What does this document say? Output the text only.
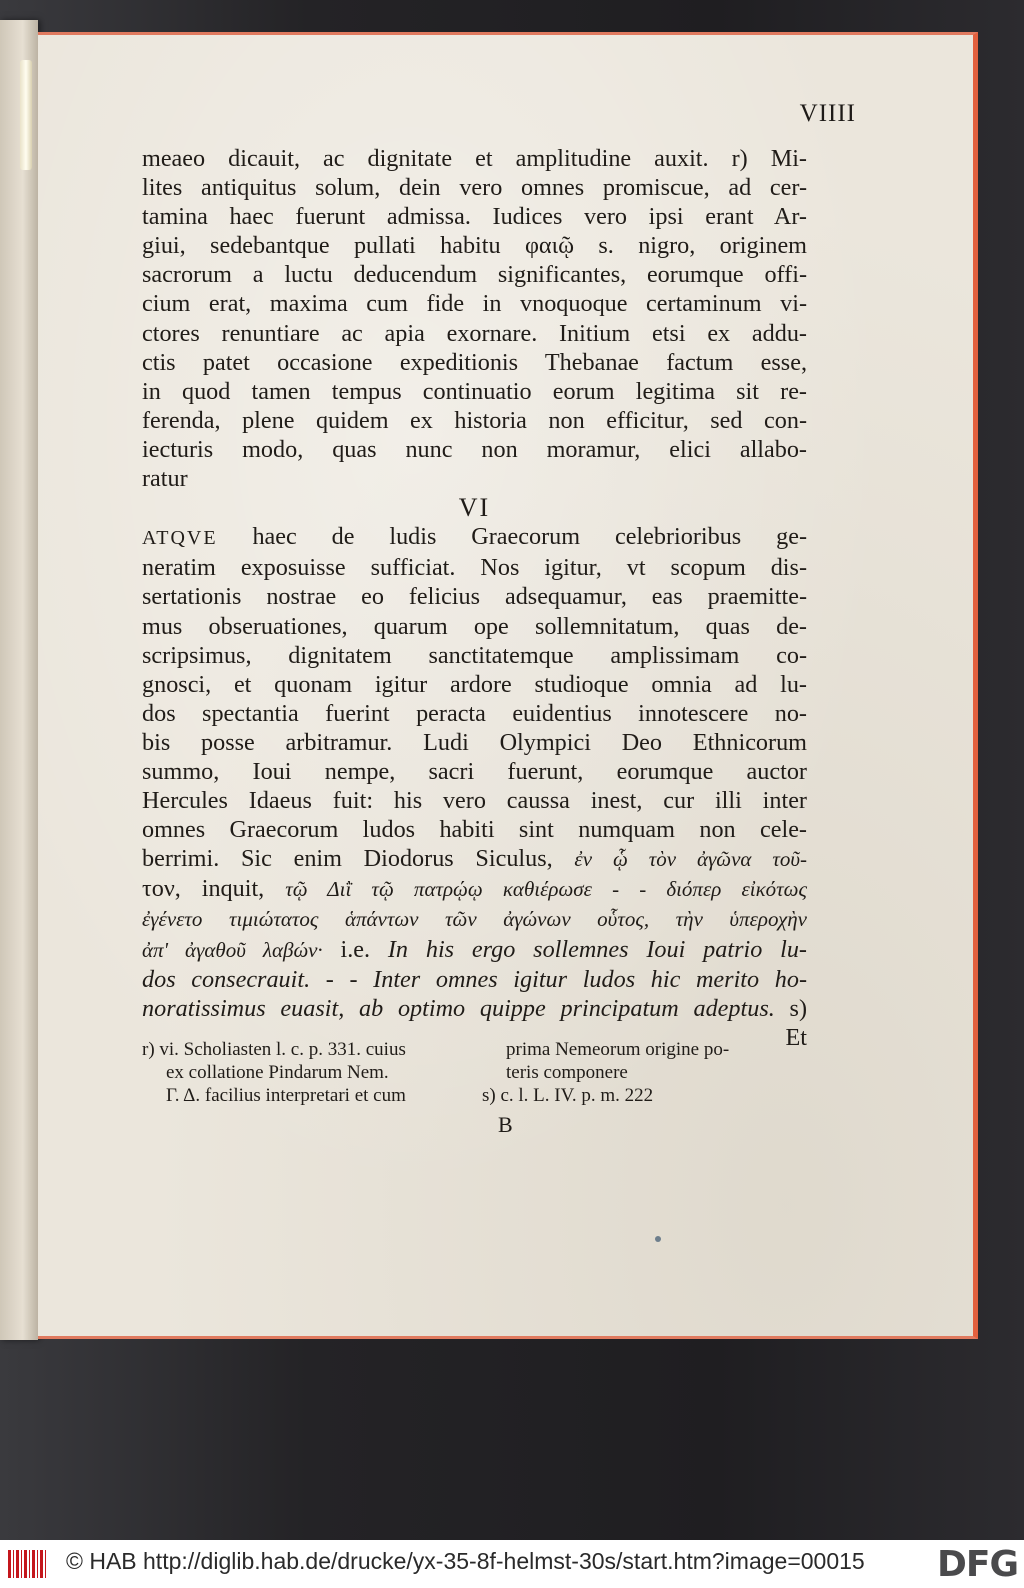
VIIII
meaeo dicauit, ac dignitate et amplitudine auxit. r) Mi-
lites antiquitus solum, dein vero omnes promiscue, ad cer-
tamina haec fuerunt admissa. Iudices vero ipsi erant Ar-
giui, sedebantque pullati habitu φαιῷ s. nigro, originem
sacrorum a luctu deducendum significantes, eorumque offi-
cium erat, maxima cum fide in vnoquoque certaminum vi-
ctores renuntiare ac apia exornare. Initium etsi ex addu-
ctis patet occasione expeditionis Thebanae factum esse,
in quod tamen tempus continuatio eorum legitima sit re-
ferenda, plene quidem ex historia non efficitur, sed con-
iecturis modo, quas nunc non moramur, elici allabo-
ratur
VI
ATQVE haec de ludis Graecorum celebrioribus ge-
neratim exposuisse sufficiat. Nos igitur, vt scopum dis-
sertationis nostrae eo felicius adsequamur, eas praemitte-
mus obseruationes, quarum ope sollemnitatum, quas de-
scripsimus, dignitatem sanctitatemque amplissimam co-
gnosci, et quonam igitur ardore studioque omnia ad lu-
dos spectantia fuerint peracta euidentius innotescere no-
bis posse arbitramur. Ludi Olympici Deo Ethnicorum
summo, Ioui nempe, sacri fuerunt, eorumque auctor
Hercules Idaeus fuit: his vero caussa inest, cur illi inter
omnes Graecorum ludos habiti sint numquam non cele-
berrimi. Sic enim Diodorus Siculus, ἐν ᾧ τὸν ἀγῶνα τοῦ-
τον, inquit, τῷ Διῒ τῷ πατρῴῳ καθιέρωσε - - διόπερ εἰκότως
ἐγένετο τιμιώτατος ἁπάντων τῶν ἀγώνων οὗτος, τὴν ὑπεροχὴν
ἀπ' ἀγαθοῦ λαβών· i.e. In his ergo sollemnes Ioui patrio lu-
dos consecrauit. - - Inter omnes igitur ludos hic merito ho-
noratissimus euasit, ab optimo quippe principatum adeptus. s)
Et
r) vi. Scholiasten l. c. p. 331. cuius
ex collatione Pindarum Nem.
Γ. Δ. facilius interpretari et cum
prima Nemeorum origine po-
teris componere
s) c. l. L. IV. p. m. 222
B
© HAB http://diglib.hab.de/drucke/yx-35-8f-helmst-30s/start.htm?image=00015 DFG
